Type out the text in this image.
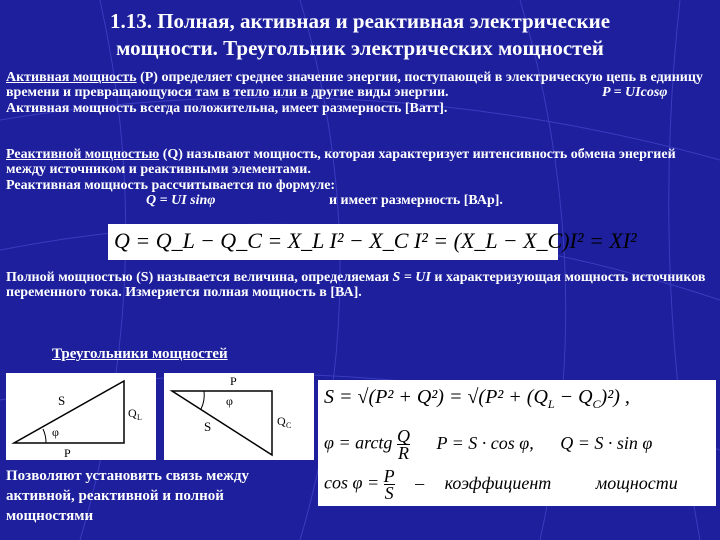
1.13. Полная, активная и реактивная электрические
мощности. Треугольник электрических мощностей
Активная мощность (P) определяет среднее значение энергии, поступающей в электрическую цепь в единицу времени и превращающуюся там в тепло или в другие виды энергии.	P = UIcosφ
Активная мощность всегда положительна, имеет размерность [Ватт].
Реактивной мощностью (Q) называют мощность, которая характеризует интенсивность обмена энергией между источником и реактивными элементами.
Реактивная мощность рассчитывается по формуле:
Q = UI sinφ	и имеет размерность [ВАр].
Q = Q_L − Q_C = X_L I² − X_C I² = (X_L − X_C)I² = XI²
Полной мощностью (S) называется величина, определяемая S = UI и характеризующая мощность источников переменного тока. Измеряется полная мощность в [ВА].
Треугольники мощностей
S
φ
Q L
P
P
φ
S	Q C
Позволяют установить связь между активной, реактивной и полной мощностями
$S = √(P^2 + Q^2) = √(P^2 + (Q_L - Q_C)^2)$ ,
φ = arctg $\frac{Q}{R}$ P = S · cos φ, Q = S · sin φ
$\cos \varphi = \frac{P}{S}$ – коэффициент мощности
